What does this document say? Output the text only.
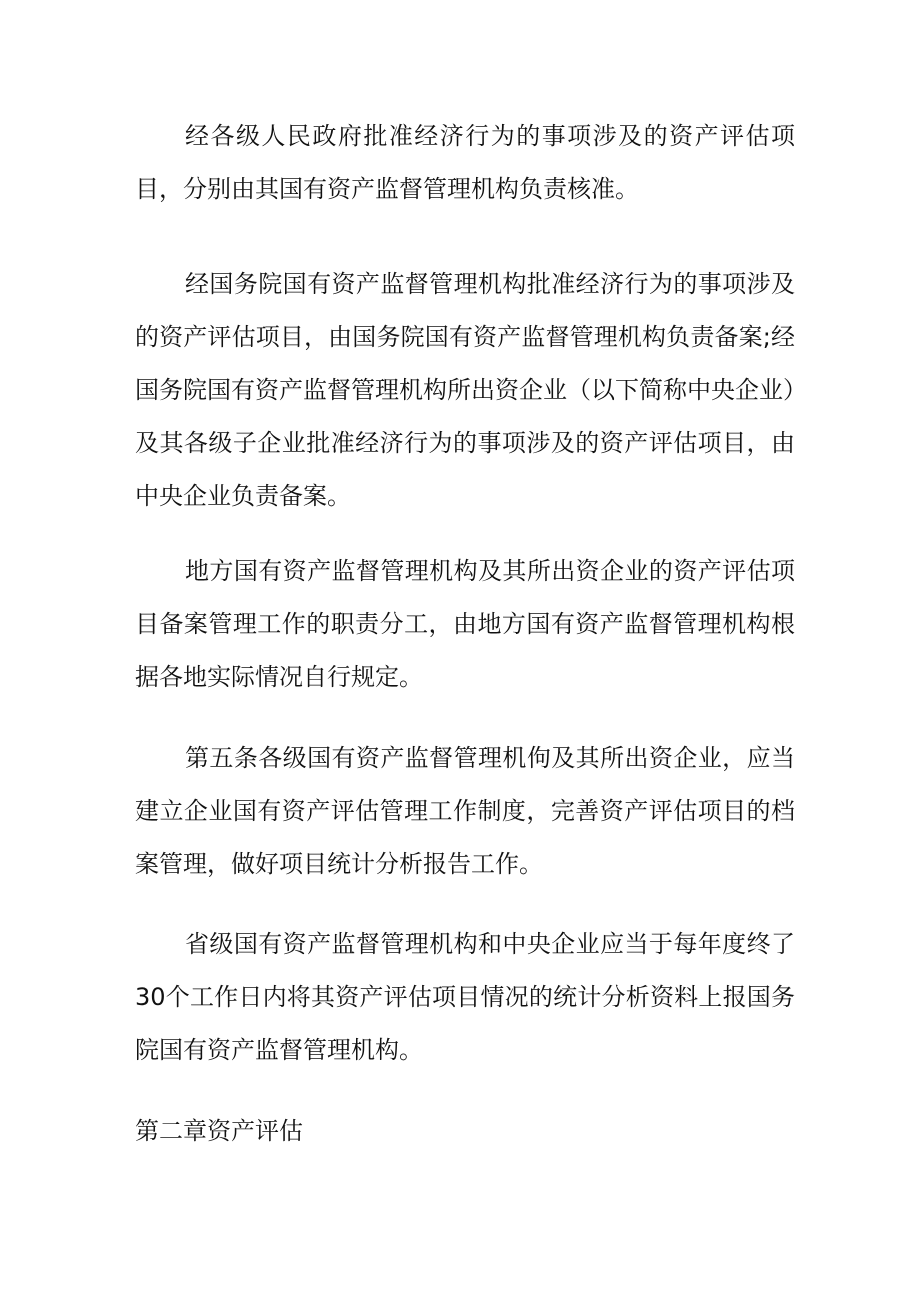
经各级人民政府批准经济行为的事项涉及的资产评估项目，分别由其国有资产监督管理机构负责核准。

经国务院国有资产监督管理机构批准经济行为的事项涉及的资产评估项目，由国务院国有资产监督管理机构负责备案;经国务院国有资产监督管理机构所出资企业（以下简称中央企业）及其各级子企业批准经济行为的事项涉及的资产评估项目，由中央企业负责备案。

地方国有资产监督管理机构及其所出资企业的资产评估项目备案管理工作的职责分工，由地方国有资产监督管理机构根据各地实际情况自行规定。

第五条各级国有资产监督管理机佝及其所出资企业，应当建立企业国有资产评估管理工作制度，完善资产评估项目的档案管理，做好项目统计分析报告工作。

省级国有资产监督管理机构和中央企业应当于每年度终了30个工作日内将其资产评估项目情况的统计分析资料上报国务院国有资产监督管理机构。

第二章资产评估
